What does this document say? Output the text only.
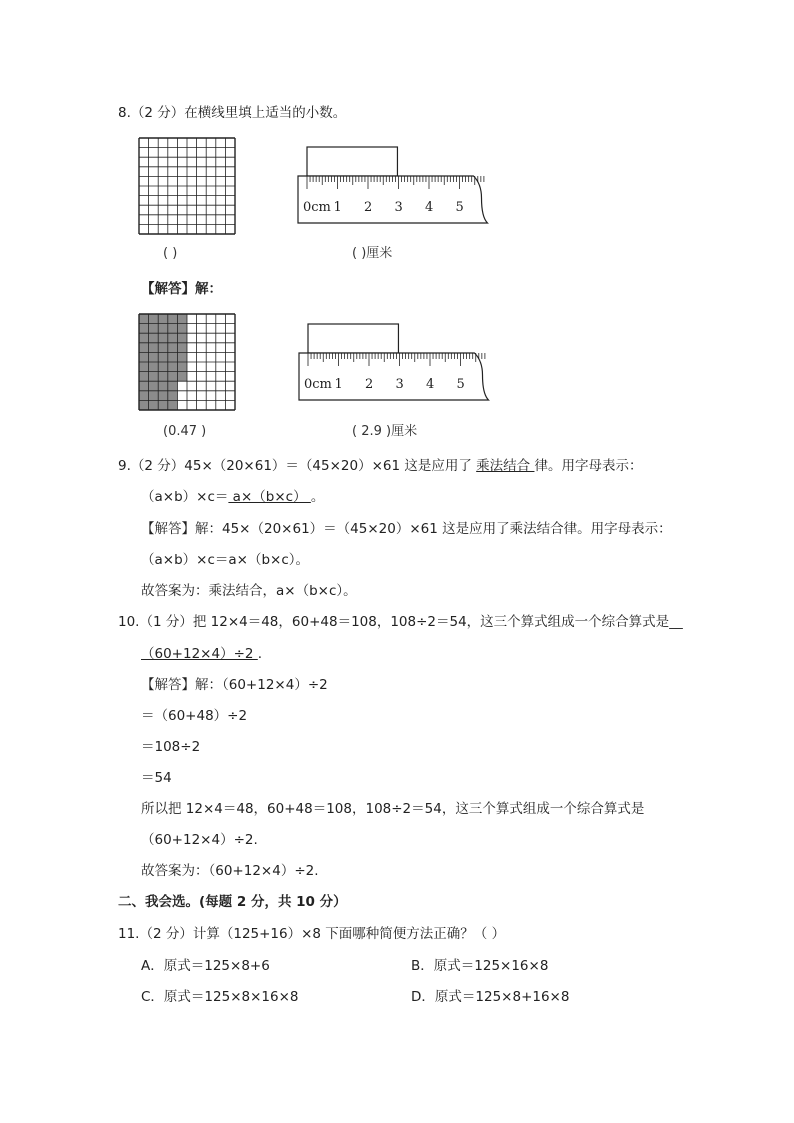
8.（2 分）在横线里填上适当的小数。
( )
0cm 1 2 3 4 5
( )厘米
【解答】解：
(0.47 )
0cm 1 2 3 4 5
( 2.9 )厘米
9.（2 分）45×（20×61）＝（45×20）×61 这是应用了 乘法结合 律。用字母表示：
（a×b）×c＝ a×（b×c） 。
【解答】解：45×（20×61）＝（45×20）×61 这是应用了乘法结合律。用字母表示：
（a×b）×c＝a×（b×c）。
故答案为：乘法结合，a×（b×c）。
10.（1 分）把 12×4＝48，60+48＝108，108÷2＝54，这三个算式组成一个综合算式是__
（60+12×4）÷2 .
【解答】解：（60+12×4）÷2
＝（60+48）÷2
＝108÷2
＝54
所以把 12×4＝48，60+48＝108，108÷2＝54，这三个算式组成一个综合算式是
（60+12×4）÷2.
故答案为：（60+12×4）÷2.
二、我会选。(每题 2 分，共 10 分）
11.（2 分）计算（125+16）×8 下面哪种简便方法正确？（ ）
A．原式＝125×8+6	B．原式＝125×16×8
C．原式＝125×8×16×8	D．原式＝125×8+16×8
